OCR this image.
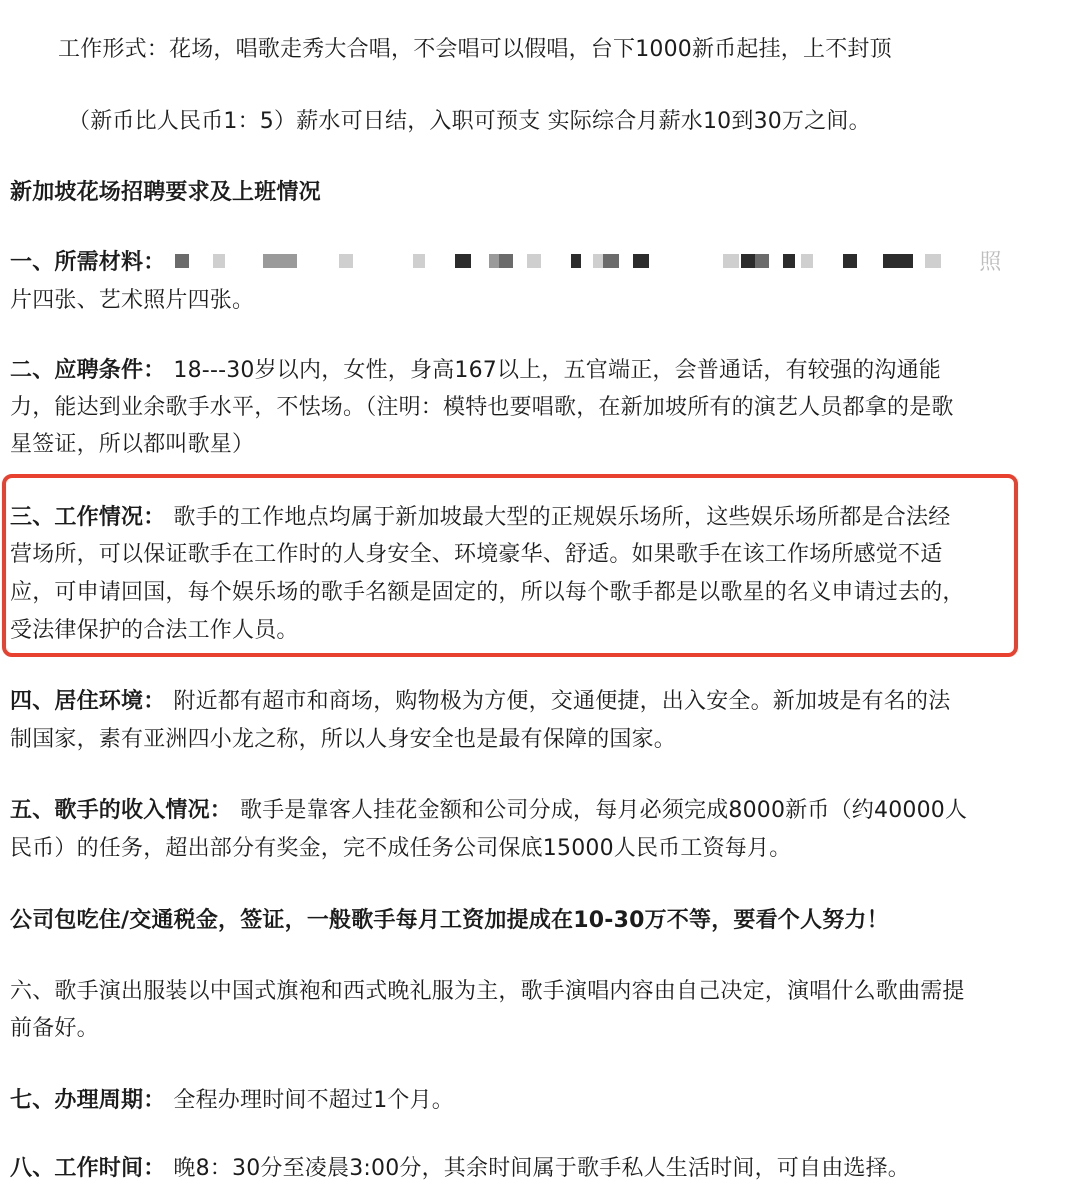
工作形式：花场，唱歌走秀大合唱，不会唱可以假唱，台下1000新币起挂，上不封顶
（新币比人民币1：5）薪水可日结，入职可预支 实际综合月薪水10到30万之间。
新加坡花场招聘要求及上班情况
一、所需材料：	照
片四张、艺术照片四张。
二、应聘条件： 18---30岁以内，女性，身高167以上，五官端正，会普通话，有较强的沟通能
力，能达到业余歌手水平，不怯场。（注明：模特也要唱歌，在新加坡所有的演艺人员都拿的是歌
星签证，所以都叫歌星）
三、工作情况： 歌手的工作地点均属于新加坡最大型的正规娱乐场所，这些娱乐场所都是合法经
营场所，可以保证歌手在工作时的人身安全、环境豪华、舒适。如果歌手在该工作场所感觉不适
应，可申请回国，每个娱乐场的歌手名额是固定的，所以每个歌手都是以歌星的名义申请过去的，
受法律保护的合法工作人员。
四、居住环境： 附近都有超市和商场，购物极为方便，交通便捷，出入安全。新加坡是有名的法
制国家，素有亚洲四小龙之称，所以人身安全也是最有保障的国家。
五、歌手的收入情况： 歌手是靠客人挂花金额和公司分成，每月必须完成8000新币（约40000人
民币）的任务，超出部分有奖金，完不成任务公司保底15000人民币工资每月。
公司包吃住/交通税金，签证，一般歌手每月工资加提成在10-30万不等，要看个人努力！
六、歌手演出服装以中国式旗袍和西式晚礼服为主，歌手演唱内容由自己决定，演唱什么歌曲需提
前备好。
七、办理周期： 全程办理时间不超过1个月。
八、工作时间： 晚8：30分至凌晨3:00分，其余时间属于歌手私人生活时间，可自由选择。
